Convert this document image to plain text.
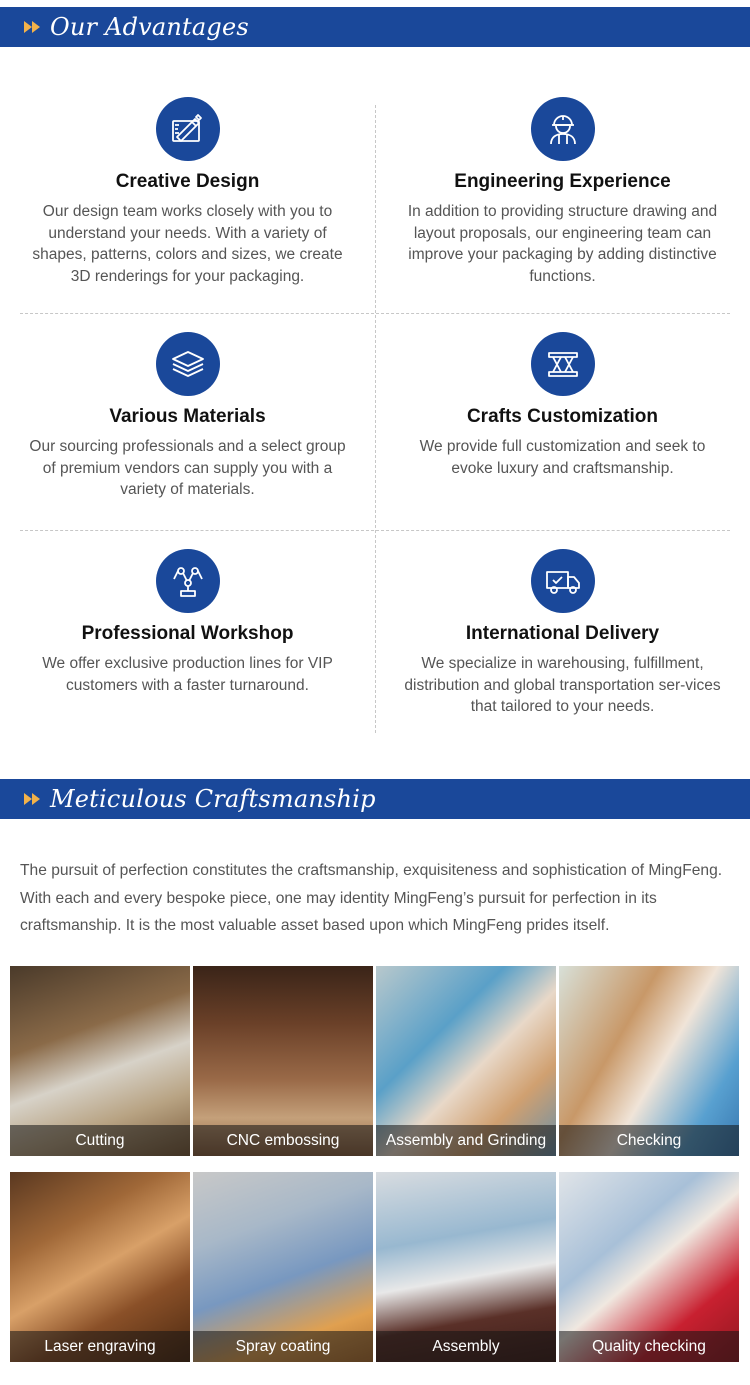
Our Advantages
Creative Design

Our design team works closely with you to understand your needs. With a variety of shapes, patterns, colors and sizes, we create 3D renderings for your packaging.

Engineering Experience

In addition to providing structure drawing and layout proposals, our engineering team can improve your packaging by adding distinctive functions.

Various Materials

Our sourcing professionals and a select group of premium vendors can supply you with a variety of materials.

Crafts Customization

We provide full customization and seek to evoke luxury and craftsmanship.

Professional Workshop

We offer exclusive production lines for VIP customers with a faster turnaround.

International Delivery

We specialize in warehousing, fulfillment, distribution and global transportation ser-vices that tailored to your needs.

Meticulous Craftsmanship

The pursuit of perfection constitutes the craftsmanship, exquisiteness and sophistication of MingFeng. With each and every bespoke piece, one may identity MingFeng’s pursuit for perfection in its craftsmanship. It is the most valuable asset based upon which MingFeng prides itself.

Cutting	CNC embossing	Assembly and Grinding	Checking
Laser engraving	Spray coating	Assembly	Quality checking
